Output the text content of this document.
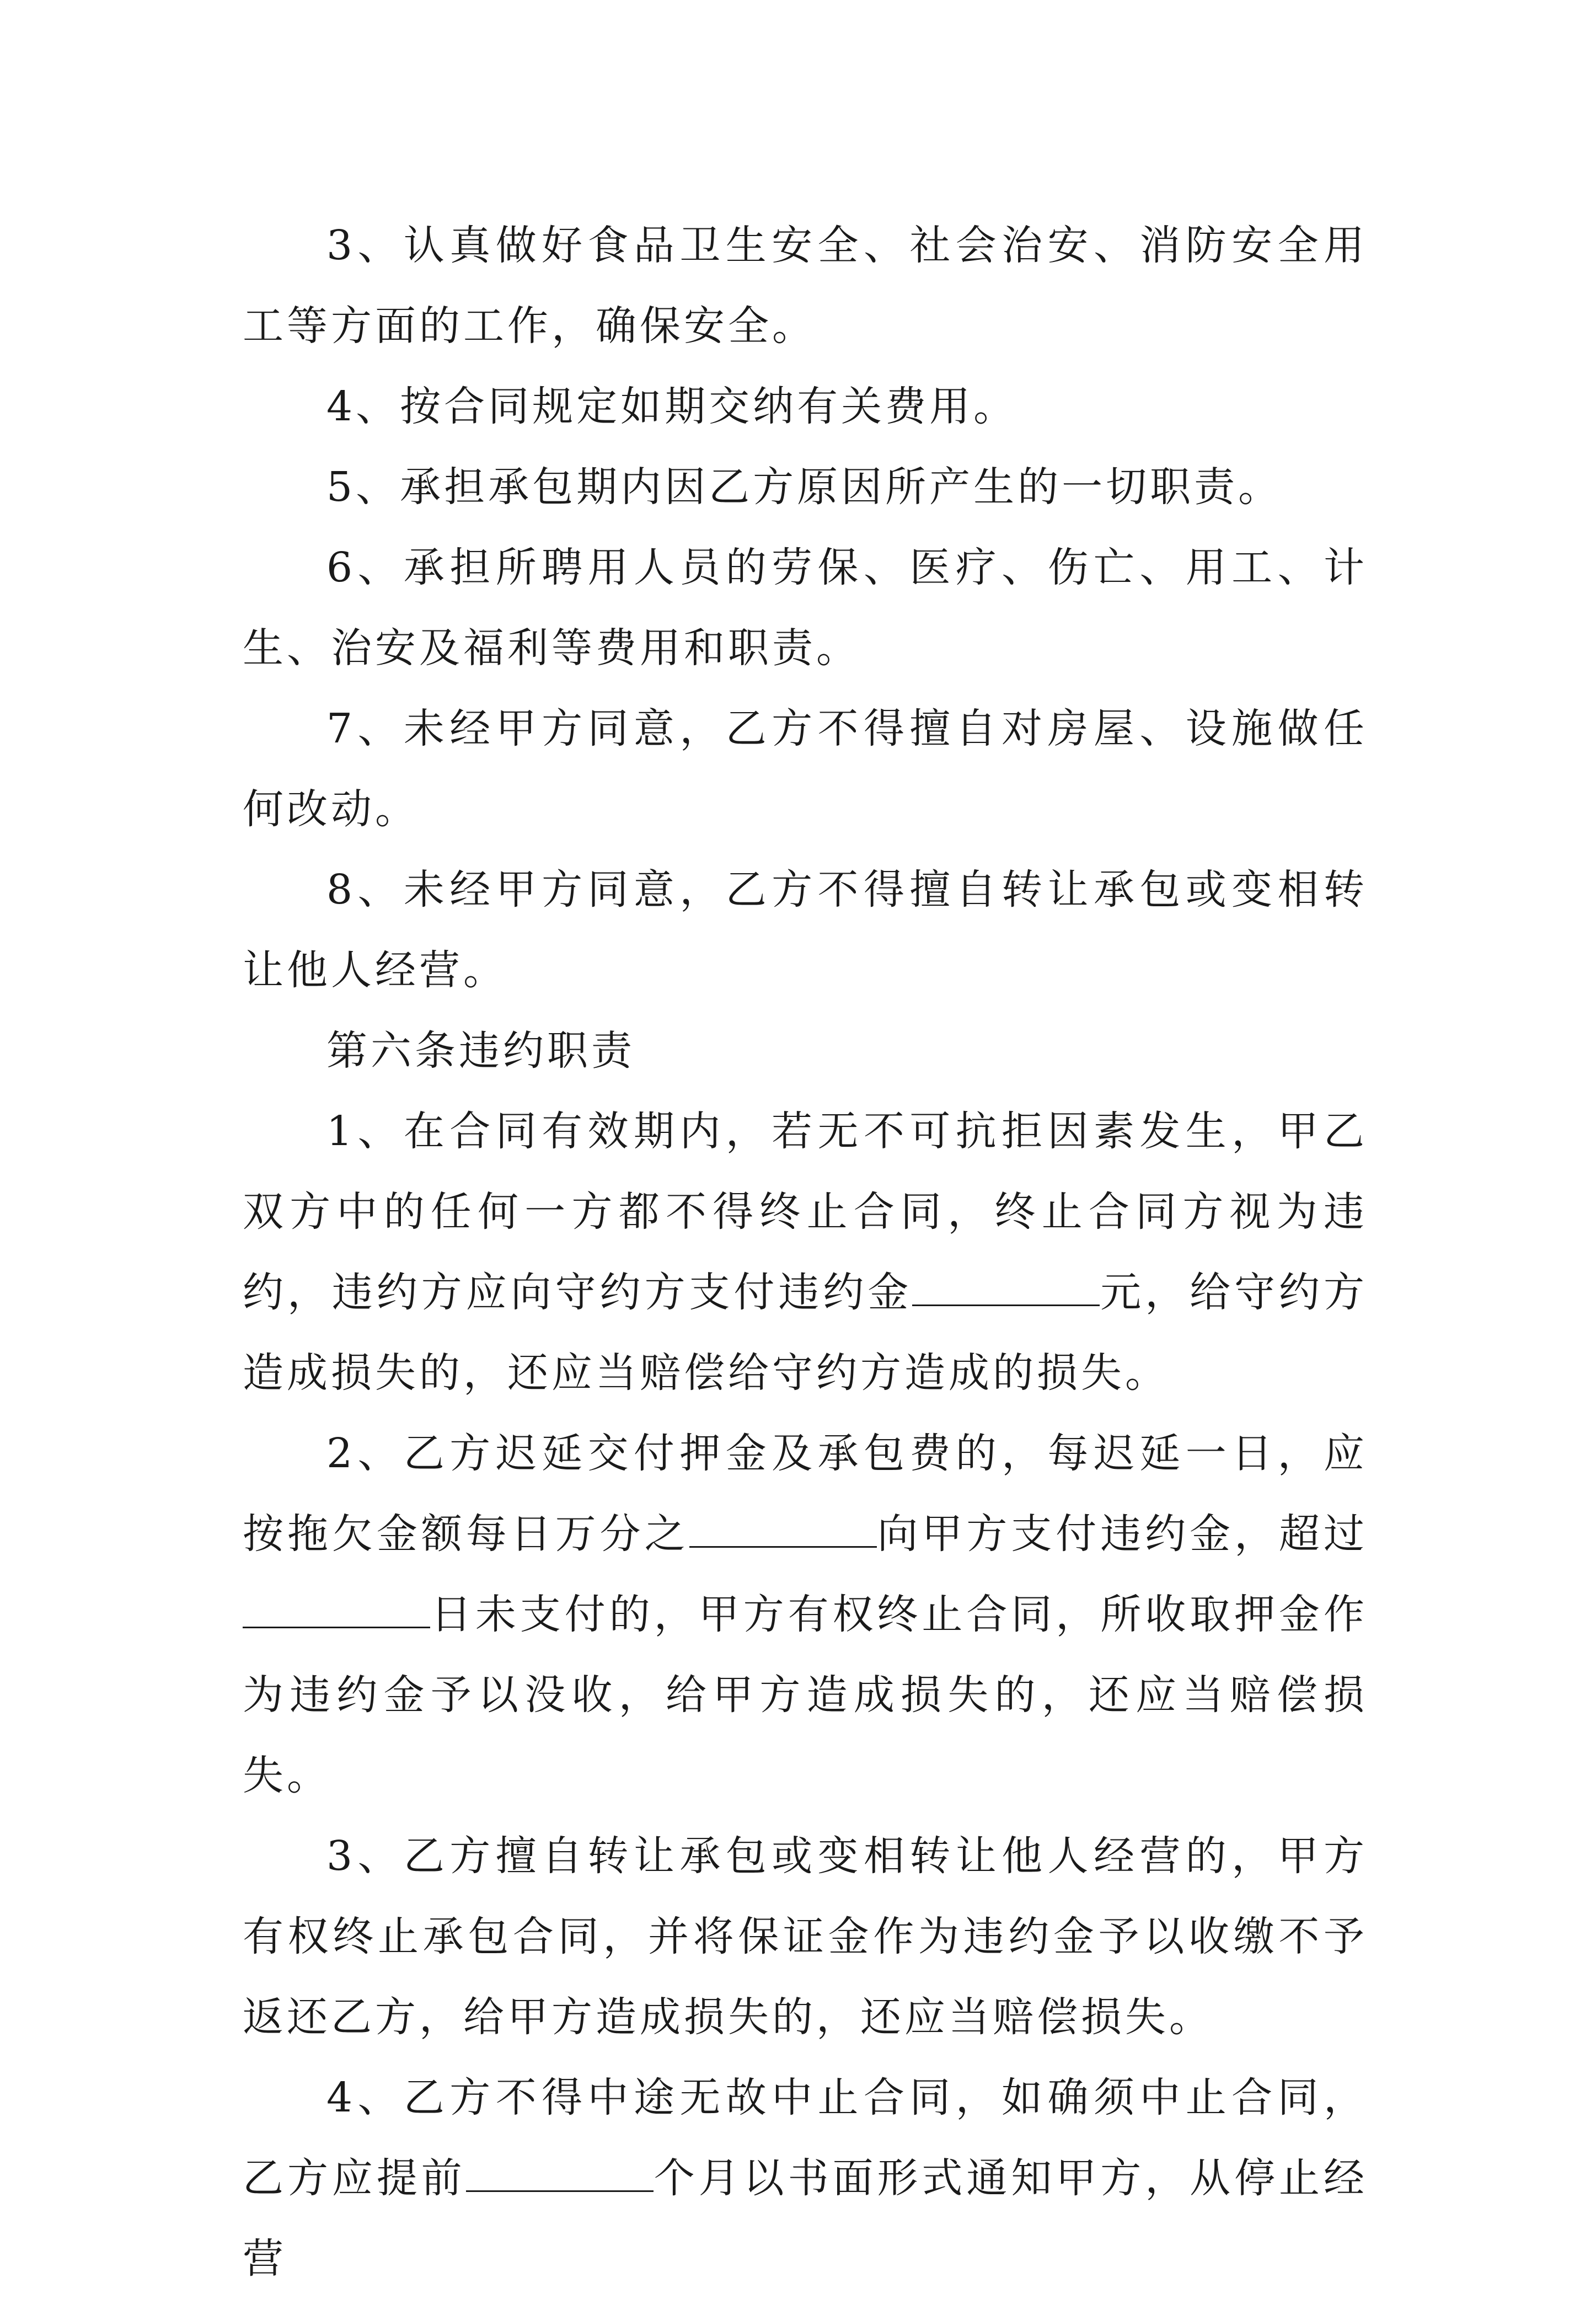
3、认真做好食品卫生安全、社会治安、消防安全用工等方面的工作，确保安全。

4、按合同规定如期交纳有关费用。

5、承担承包期内因乙方原因所产生的一切职责。

6、承担所聘用人员的劳保、医疗、伤亡、用工、计生、治安及福利等费用和职责。

7、未经甲方同意，乙方不得擅自对房屋、设施做任何改动。

8、未经甲方同意，乙方不得擅自转让承包或变相转让他人经营。

第六条违约职责

1、在合同有效期内，若无不可抗拒因素发生，甲乙双方中的任何一方都不得终止合同，终止合同方视为违约，违约方应向守约方支付违约金	元，给守约方造成损失的，还应当赔偿给守约方造成的损失。

2、乙方迟延交付押金及承包费的，每迟延一日，应按拖欠金额每日万分之	向甲方支付违约金，超过日未支付的，甲方有权终止合同，所收取押金作为违约金予以没收，给甲方造成损失的，还应当赔偿损失。

3、乙方擅自转让承包或变相转让他人经营的，甲方有权终止承包合同，并将保证金作为违约金予以收缴不予返还乙方，给甲方造成损失的，还应当赔偿损失。

4、乙方不得中途无故中止合同，如确须中止合同，乙方应提前	个月以书面形式通知甲方，从停止经营
